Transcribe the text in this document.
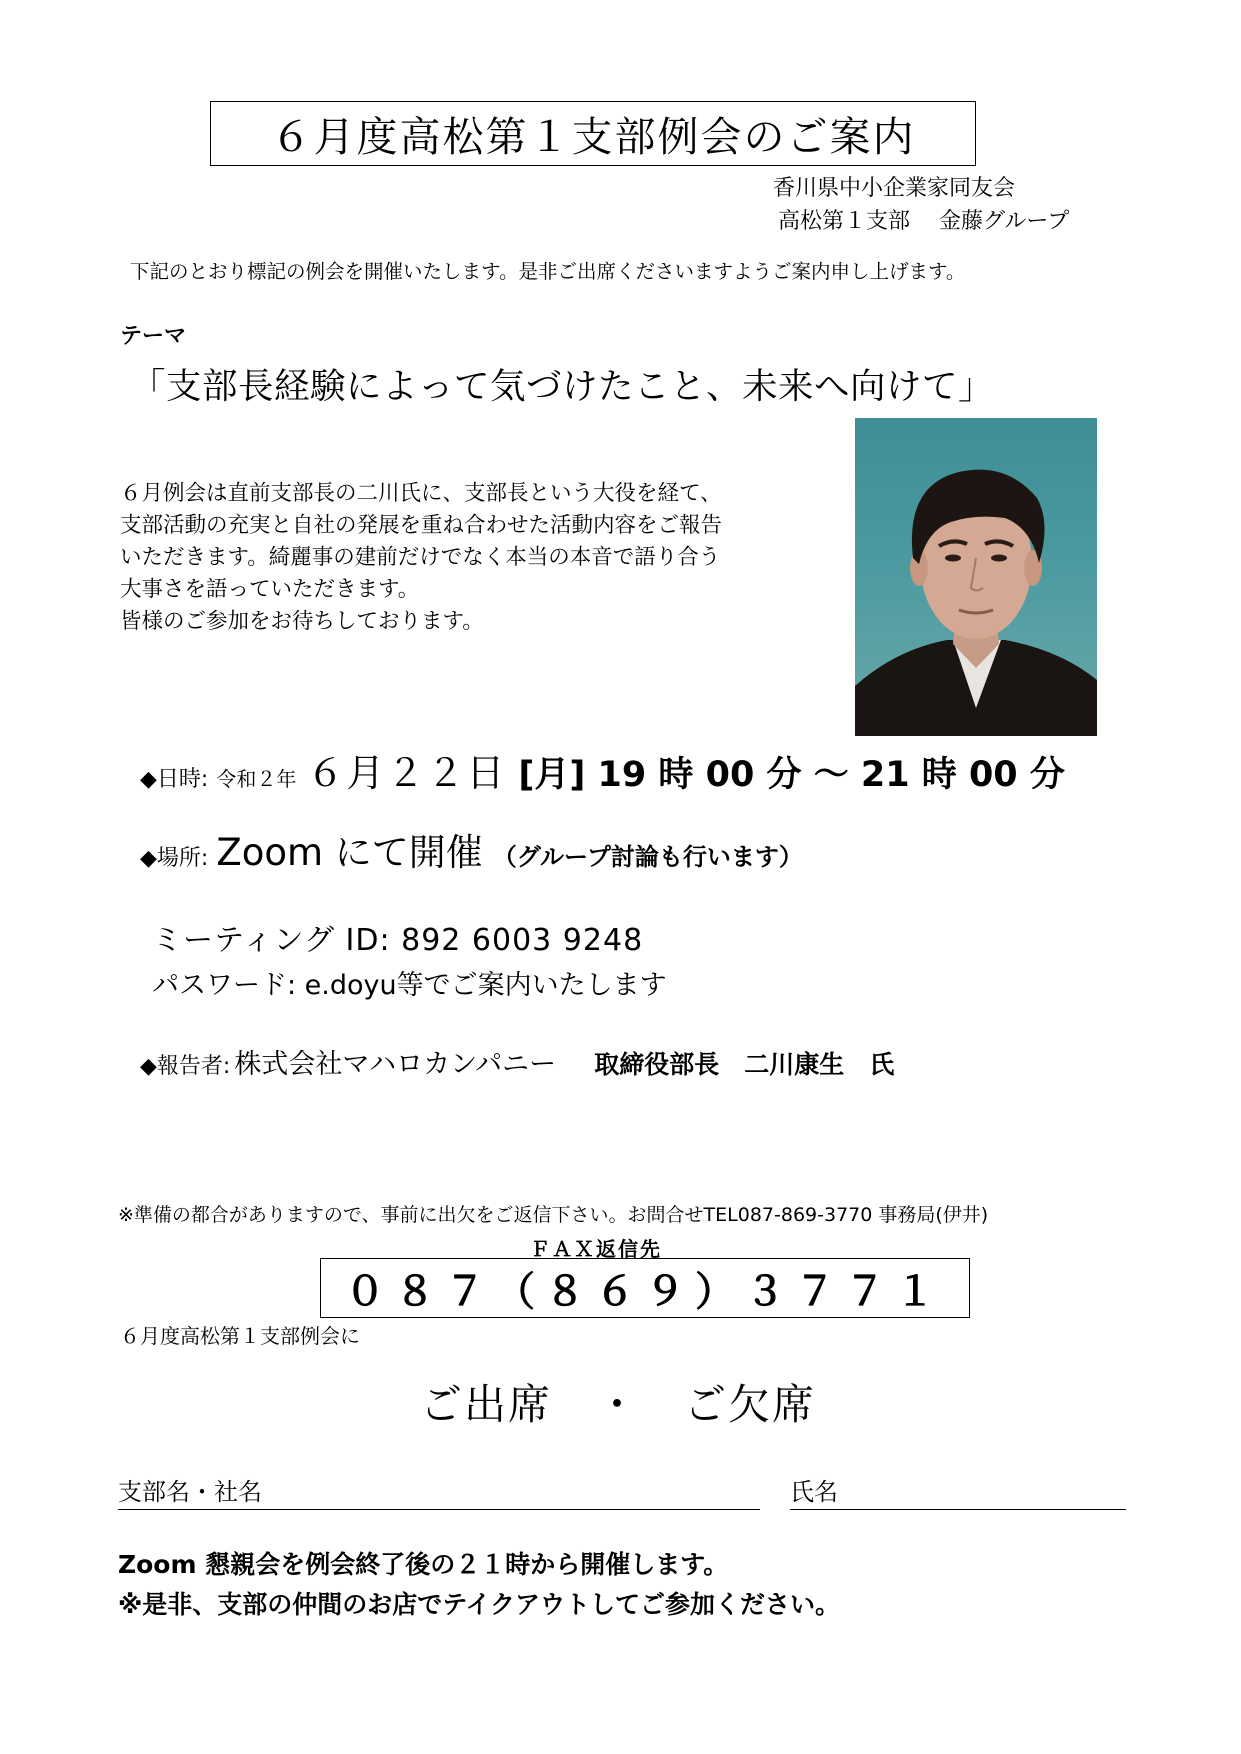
６月度高松第１支部例会のご案内
香川県中小企業家同友会
高松第１支部　 金藤グループ
下記のとおり標記の例会を開催いたします。是非ご出席くださいますようご案内申し上げます。
テーマ
「支部長経験によって気づけたこと、未来へ向けて」
６月例会は直前支部長の二川氏に、支部長という大役を経て、
支部活動の充実と自社の発展を重ね合わせた活動内容をご報告
いただきます。綺麗事の建前だけでなく本当の本音で語り合う
大事さを語っていただきます。
皆様のご参加をお待ちしております。
◆日時: 令和２年 ６月２２日 [月] 19 時 00 分 ～ 21 時 00 分
◆場所: Zoom にて開催 （グループ討論も行います）
ミーティング ID: 892 6003 9248
パスワード: e.doyu等でご案内いたします
◆報告者: 株式会社マハロカンパニー 取締役部長　二川康生　氏
※準備の都合がありますので、事前に出欠をご返信下さい。お問合せTEL087-869-3770 事務局(伊井)
ＦＡＸ返信先
０８７（８６９）３７７１
６月度高松第１支部例会に
ご出席　・　ご欠席
支部名・社名	氏名
Zoom 懇親会を例会終了後の２１時から開催します。
※是非、支部の仲間のお店でテイクアウトしてご参加ください。
